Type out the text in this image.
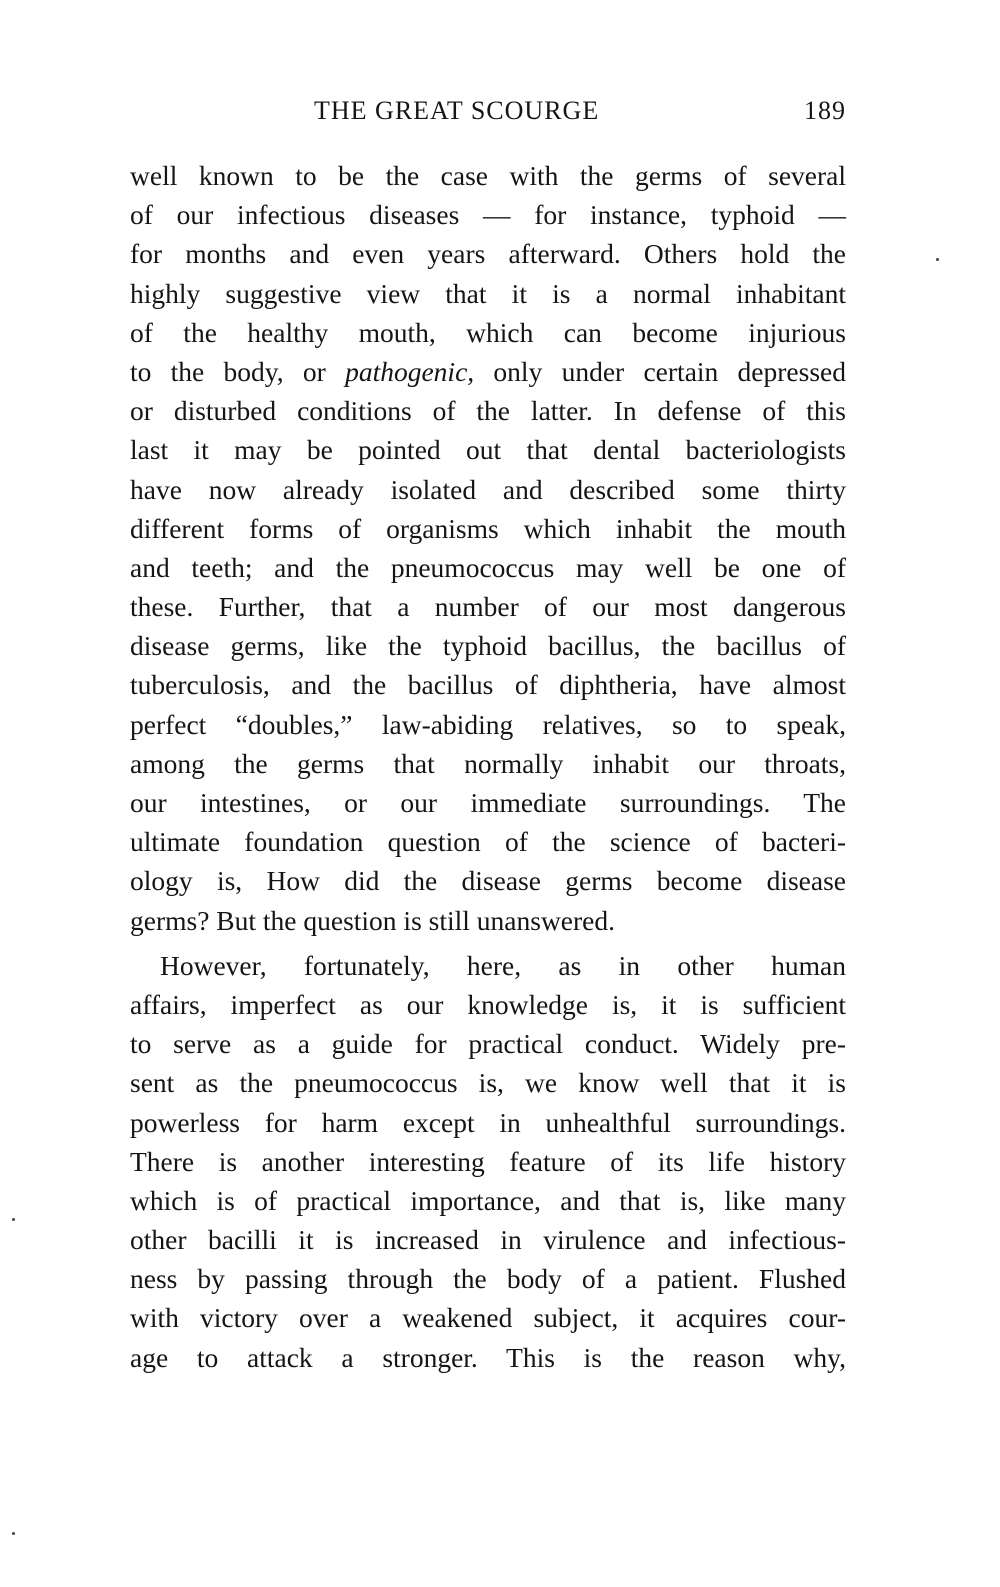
THE GREAT SCOURGE	189
well known to be the case with the germs of several
of our infectious diseases — for instance, typhoid —
for months and even years afterward. Others hold the
highly suggestive view that it is a normal inhabitant
of the healthy mouth, which can become injurious
to the body, or pathogenic, only under certain depressed
or disturbed conditions of the latter. In defense of this
last it may be pointed out that dental bacteriologists
have now already isolated and described some thirty
different forms of organisms which inhabit the mouth
and teeth; and the pneumococcus may well be one of
these. Further, that a number of our most dangerous
disease germs, like the typhoid bacillus, the bacillus of
tuberculosis, and the bacillus of diphtheria, have almost
perfect “doubles,” law-abiding relatives, so to speak,
among the germs that normally inhabit our throats,
our intestines, or our immediate surroundings. The
ultimate foundation question of the science of bacteri-
ology is, How did the disease germs become disease
germs? But the question is still unanswered.
However, fortunately, here, as in other human
affairs, imperfect as our knowledge is, it is sufficient
to serve as a guide for practical conduct. Widely pre-
sent as the pneumococcus is, we know well that it is
powerless for harm except in unhealthful surroundings.
There is another interesting feature of its life history
which is of practical importance, and that is, like many
other bacilli it is increased in virulence and infectious-
ness by passing through the body of a patient. Flushed
with victory over a weakened subject, it acquires cour-
age to attack a stronger. This is the reason why,
